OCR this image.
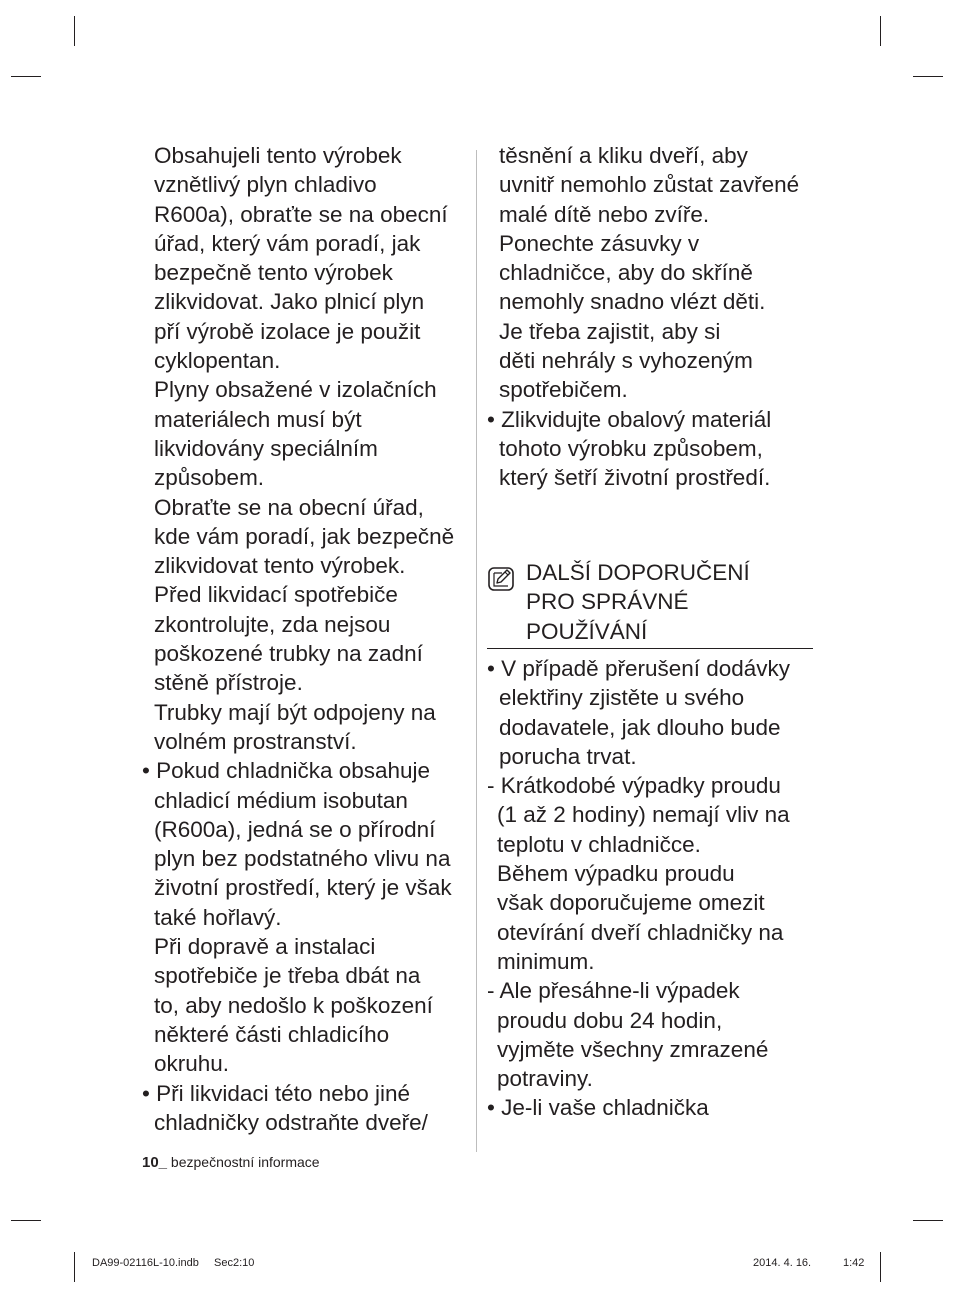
Obsahujeli tento výrobek
vznětlivý plyn chladivo
R600a), obraťte se na obecní
úřad, který vám poradí, jak
bezpečně tento výrobek
zlikvidovat. Jako plnicí plyn
pří výrobě izolace je použit
cyklopentan.
Plyny obsažené v izolačních
materiálech musí být
likvidovány speciálním
způsobem.
Obraťte se na obecní úřad,
kde vám poradí, jak bezpečně
zlikvidovat tento výrobek.
Před likvidací spotřebiče
zkontrolujte, zda nejsou
poškozené trubky na zadní
stěně přístroje.
Trubky mají být odpojeny na
volném prostranství.
• Pokud chladnička obsahuje
chladicí médium isobutan
(R600a), jedná se o přírodní
plyn bez podstatného vlivu na
životní prostředí, který je však
také hořlavý.
Při dopravě a instalaci
spotřebiče je třeba dbát na
to, aby nedošlo k poškození
některé části chladicího
okruhu.
• Při likvidaci této nebo jiné
chladničky odstraňte dveře/
těsnění a kliku dveří, aby
uvnitř nemohlo zůstat zavřené
malé dítě nebo zvíře.
Ponechte zásuvky v
chladničce, aby do skříně
nemohly snadno vlézt děti.
Je třeba zajistit, aby si
děti nehrály s vyhozeným
spotřebičem.
• Zlikvidujte obalový materiál
tohoto výrobku způsobem,
který šetří životní prostředí.
DALŠÍ DOPORUČENÍ
PRO SPRÁVNÉ
POUŽÍVÁNÍ
• V případě přerušení dodávky
elektřiny zjistěte u svého
dodavatele, jak dlouho bude
porucha trvat.
- Krátkodobé výpadky proudu
(1 až 2 hodiny) nemají vliv na
teplotu v chladničce.
Během výpadku proudu
však doporučujeme omezit
otevírání dveří chladničky na
minimum.
- Ale přesáhne-li výpadek
proudu dobu 24 hodin,
vyjměte všechny zmrazené
potraviny.
• Je-li vaše chladnička
10_ bezpečnostní informace
DA99-02116L-10.indb Sec2:10	2014. 4. 16.	1:42
